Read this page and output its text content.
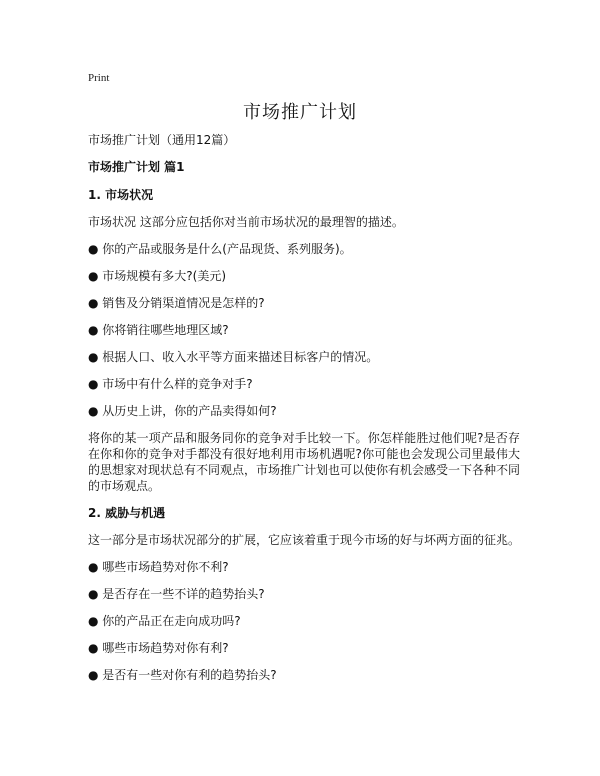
Print
市场推广计划

市场推广计划（通用12篇）

市场推广计划 篇1

1. 市场状况

市场状况 这部分应包括你对当前市场状况的最理智的描述。

● 你的产品或服务是什么(产品现货、系列服务)。

● 市场规模有多大?(美元)

● 销售及分销渠道情况是怎样的?

● 你将销往哪些地理区域?

● 根据人口、收入水平等方面来描述目标客户的情况。

● 市场中有什么样的竞争对手?

● 从历史上讲，你的产品卖得如何?

将你的某一项产品和服务同你的竞争对手比较一下。你怎样能胜过他们呢?是否存在你和你的竞争对手都没有很好地利用市场机遇呢?你可能也会发现公司里最伟大的思想家对现状总有不同观点，市场推广计划也可以使你有机会感受一下各种不同的市场观点。

2. 威胁与机遇

这一部分是市场状况部分的扩展，它应该着重于现今市场的好与坏两方面的征兆。

● 哪些市场趋势对你不利?

● 是否存在一些不详的趋势抬头?

● 你的产品正在走向成功吗?

● 哪些市场趋势对你有利?

● 是否有一些对你有利的趋势抬头?
